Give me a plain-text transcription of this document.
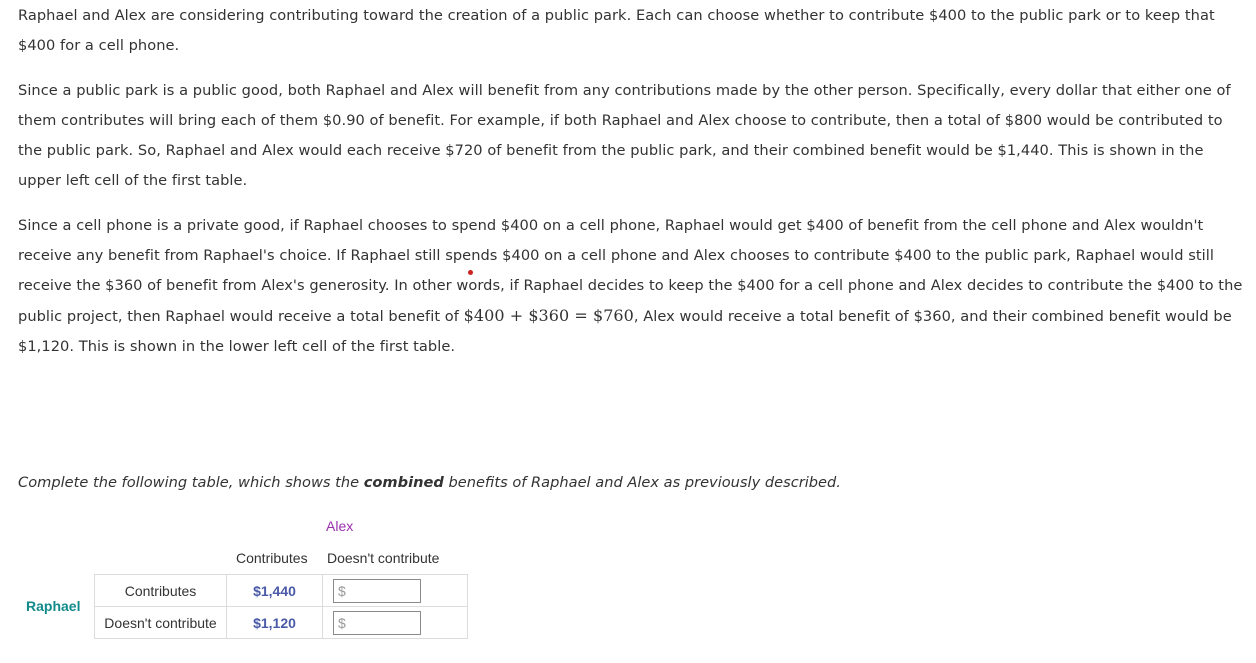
Raphael and Alex are considering contributing toward the creation of a public park. Each can choose whether to contribute $400 to the public park or to keep that $400 for a cell phone.
Since a public park is a public good, both Raphael and Alex will benefit from any contributions made by the other person. Specifically, every dollar that either one of them contributes will bring each of them $0.90 of benefit. For example, if both Raphael and Alex choose to contribute, then a total of $800 would be contributed to the public park. So, Raphael and Alex would each receive $720 of benefit from the public park, and their combined benefit would be $1,440. This is shown in the upper left cell of the first table.
Since a cell phone is a private good, if Raphael chooses to spend $400 on a cell phone, Raphael would get $400 of benefit from the cell phone and Alex wouldn't receive any benefit from Raphael's choice. If Raphael still spends $400 on a cell phone and Alex chooses to contribute $400 to the public park, Raphael would still receive the $360 of benefit from Alex's generosity. In other words, if Raphael decides to keep the $400 for a cell phone and Alex decides to contribute the $400 to the public project, then Raphael would receive a total benefit of $400 + $360 = $760, Alex would receive a total benefit of $360, and their combined benefit would be $1,120. This is shown in the lower left cell of the first table.
Complete the following table, which shows the combined benefits of Raphael and Alex as previously described.
Alex
Contributes Doesn't contribute
Raphael
Contributes	$1,440	$

Doesn't contribute	$1,120	$
